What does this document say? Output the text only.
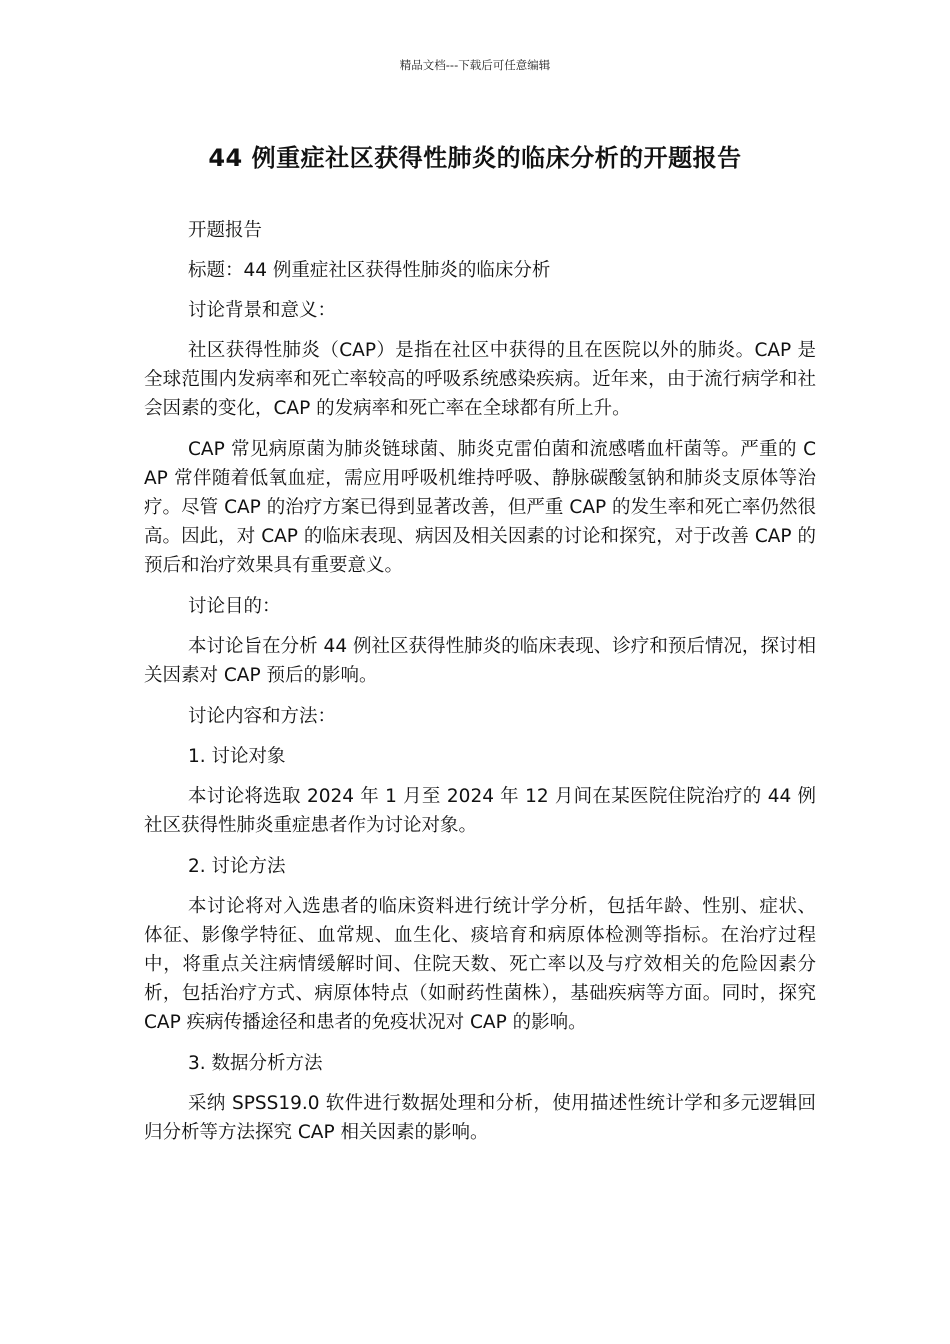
精品文档---下载后可任意编辑
44 例重症社区获得性肺炎的临床分析的开题报告

开题报告

标题：44 例重症社区获得性肺炎的临床分析

讨论背景和意义：

社区获得性肺炎（CAP）是指在社区中获得的且在医院以外的肺炎。CAP 是全球范围内发病率和死亡率较高的呼吸系统感染疾病。近年来，由于流行病学和社会因素的变化，CAP 的发病率和死亡率在全球都有所上升。

CAP 常见病原菌为肺炎链球菌、肺炎克雷伯菌和流感嗜血杆菌等。严重的 CAP 常伴随着低氧血症，需应用呼吸机维持呼吸、静脉碳酸氢钠和肺炎支原体等治疗。尽管 CAP 的治疗方案已得到显著改善，但严重 CAP 的发生率和死亡率仍然很高。因此，对 CAP 的临床表现、病因及相关因素的讨论和探究，对于改善 CAP 的预后和治疗效果具有重要意义。

讨论目的：

本讨论旨在分析 44 例社区获得性肺炎的临床表现、诊疗和预后情况，探讨相关因素对 CAP 预后的影响。

讨论内容和方法：

1. 讨论对象

本讨论将选取 2024 年 1 月至 2024 年 12 月间在某医院住院治疗的 44 例社区获得性肺炎重症患者作为讨论对象。

2. 讨论方法

本讨论将对入选患者的临床资料进行统计学分析，包括年龄、性别、症状、体征、影像学特征、血常规、血生化、痰培育和病原体检测等指标。在治疗过程中，将重点关注病情缓解时间、住院天数、死亡率以及与疗效相关的危险因素分析，包括治疗方式、病原体特点（如耐药性菌株），基础疾病等方面。同时，探究 CAP 疾病传播途径和患者的免疫状况对 CAP 的影响。

3. 数据分析方法

采纳 SPSS19.0 软件进行数据处理和分析，使用描述性统计学和多元逻辑回归分析等方法探究 CAP 相关因素的影响。
